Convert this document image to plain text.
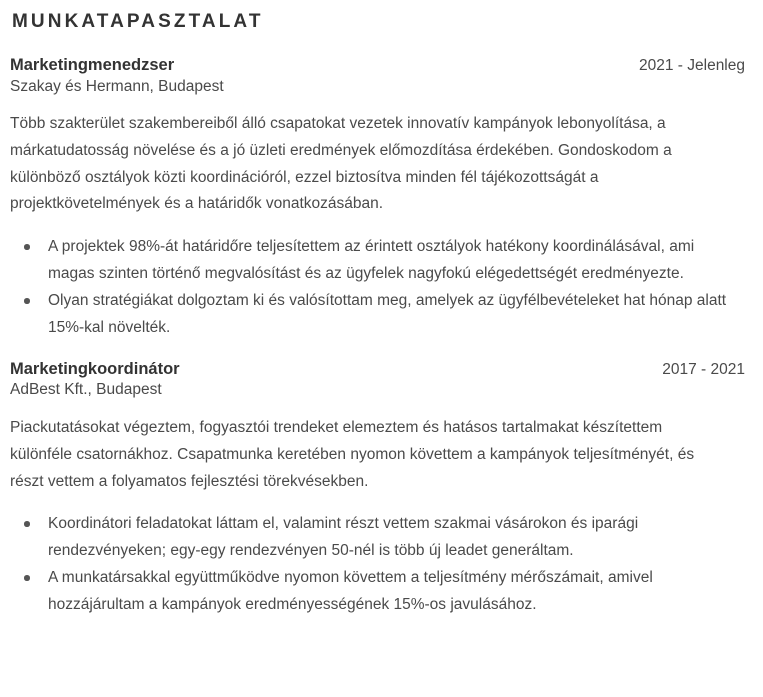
MUNKATAPASZTALAT
Marketingmenedzser
Szakay és Hermann, Budapest
2021 - Jelenleg

Több szakterület szakembereiből álló csapatokat vezetek innovatív kampányok lebonyolítása, a márkatudatosság növelése és a jó üzleti eredmények előmozdítása érdekében. Gondoskodom a különböző osztályok közti koordinációról, ezzel biztosítva minden fél tájékozottságát a projektkövetelmények és a határidők vonatkozásában.

A projektek 98%-át határidőre teljesítettem az érintett osztályok hatékony koordinálásával, ami magas szinten történő megvalósítást és az ügyfelek nagyfokú elégedettségét eredményezte.
Olyan stratégiákat dolgoztam ki és valósítottam meg, amelyek az ügyfélbevételeket hat hónap alatt 15%-kal növelték.
Marketingkoordinátor
AdBest Kft., Budapest
2017 - 2021

Piackutatásokat végeztem, fogyasztói trendeket elemeztem és hatásos tartalmakat készítettem különféle csatornákhoz. Csapatmunka keretében nyomon követtem a kampányok teljesítményét, és részt vettem a folyamatos fejlesztési törekvésekben.

Koordinátori feladatokat láttam el, valamint részt vettem szakmai vásárokon és iparági rendezvényeken; egy-egy rendezvényen 50-nél is több új leadet generáltam.
A munkatársakkal együttműködve nyomon követtem a teljesítmény mérőszámait, amivel hozzájárultam a kampányok eredményességének 15%-os javulásához.
